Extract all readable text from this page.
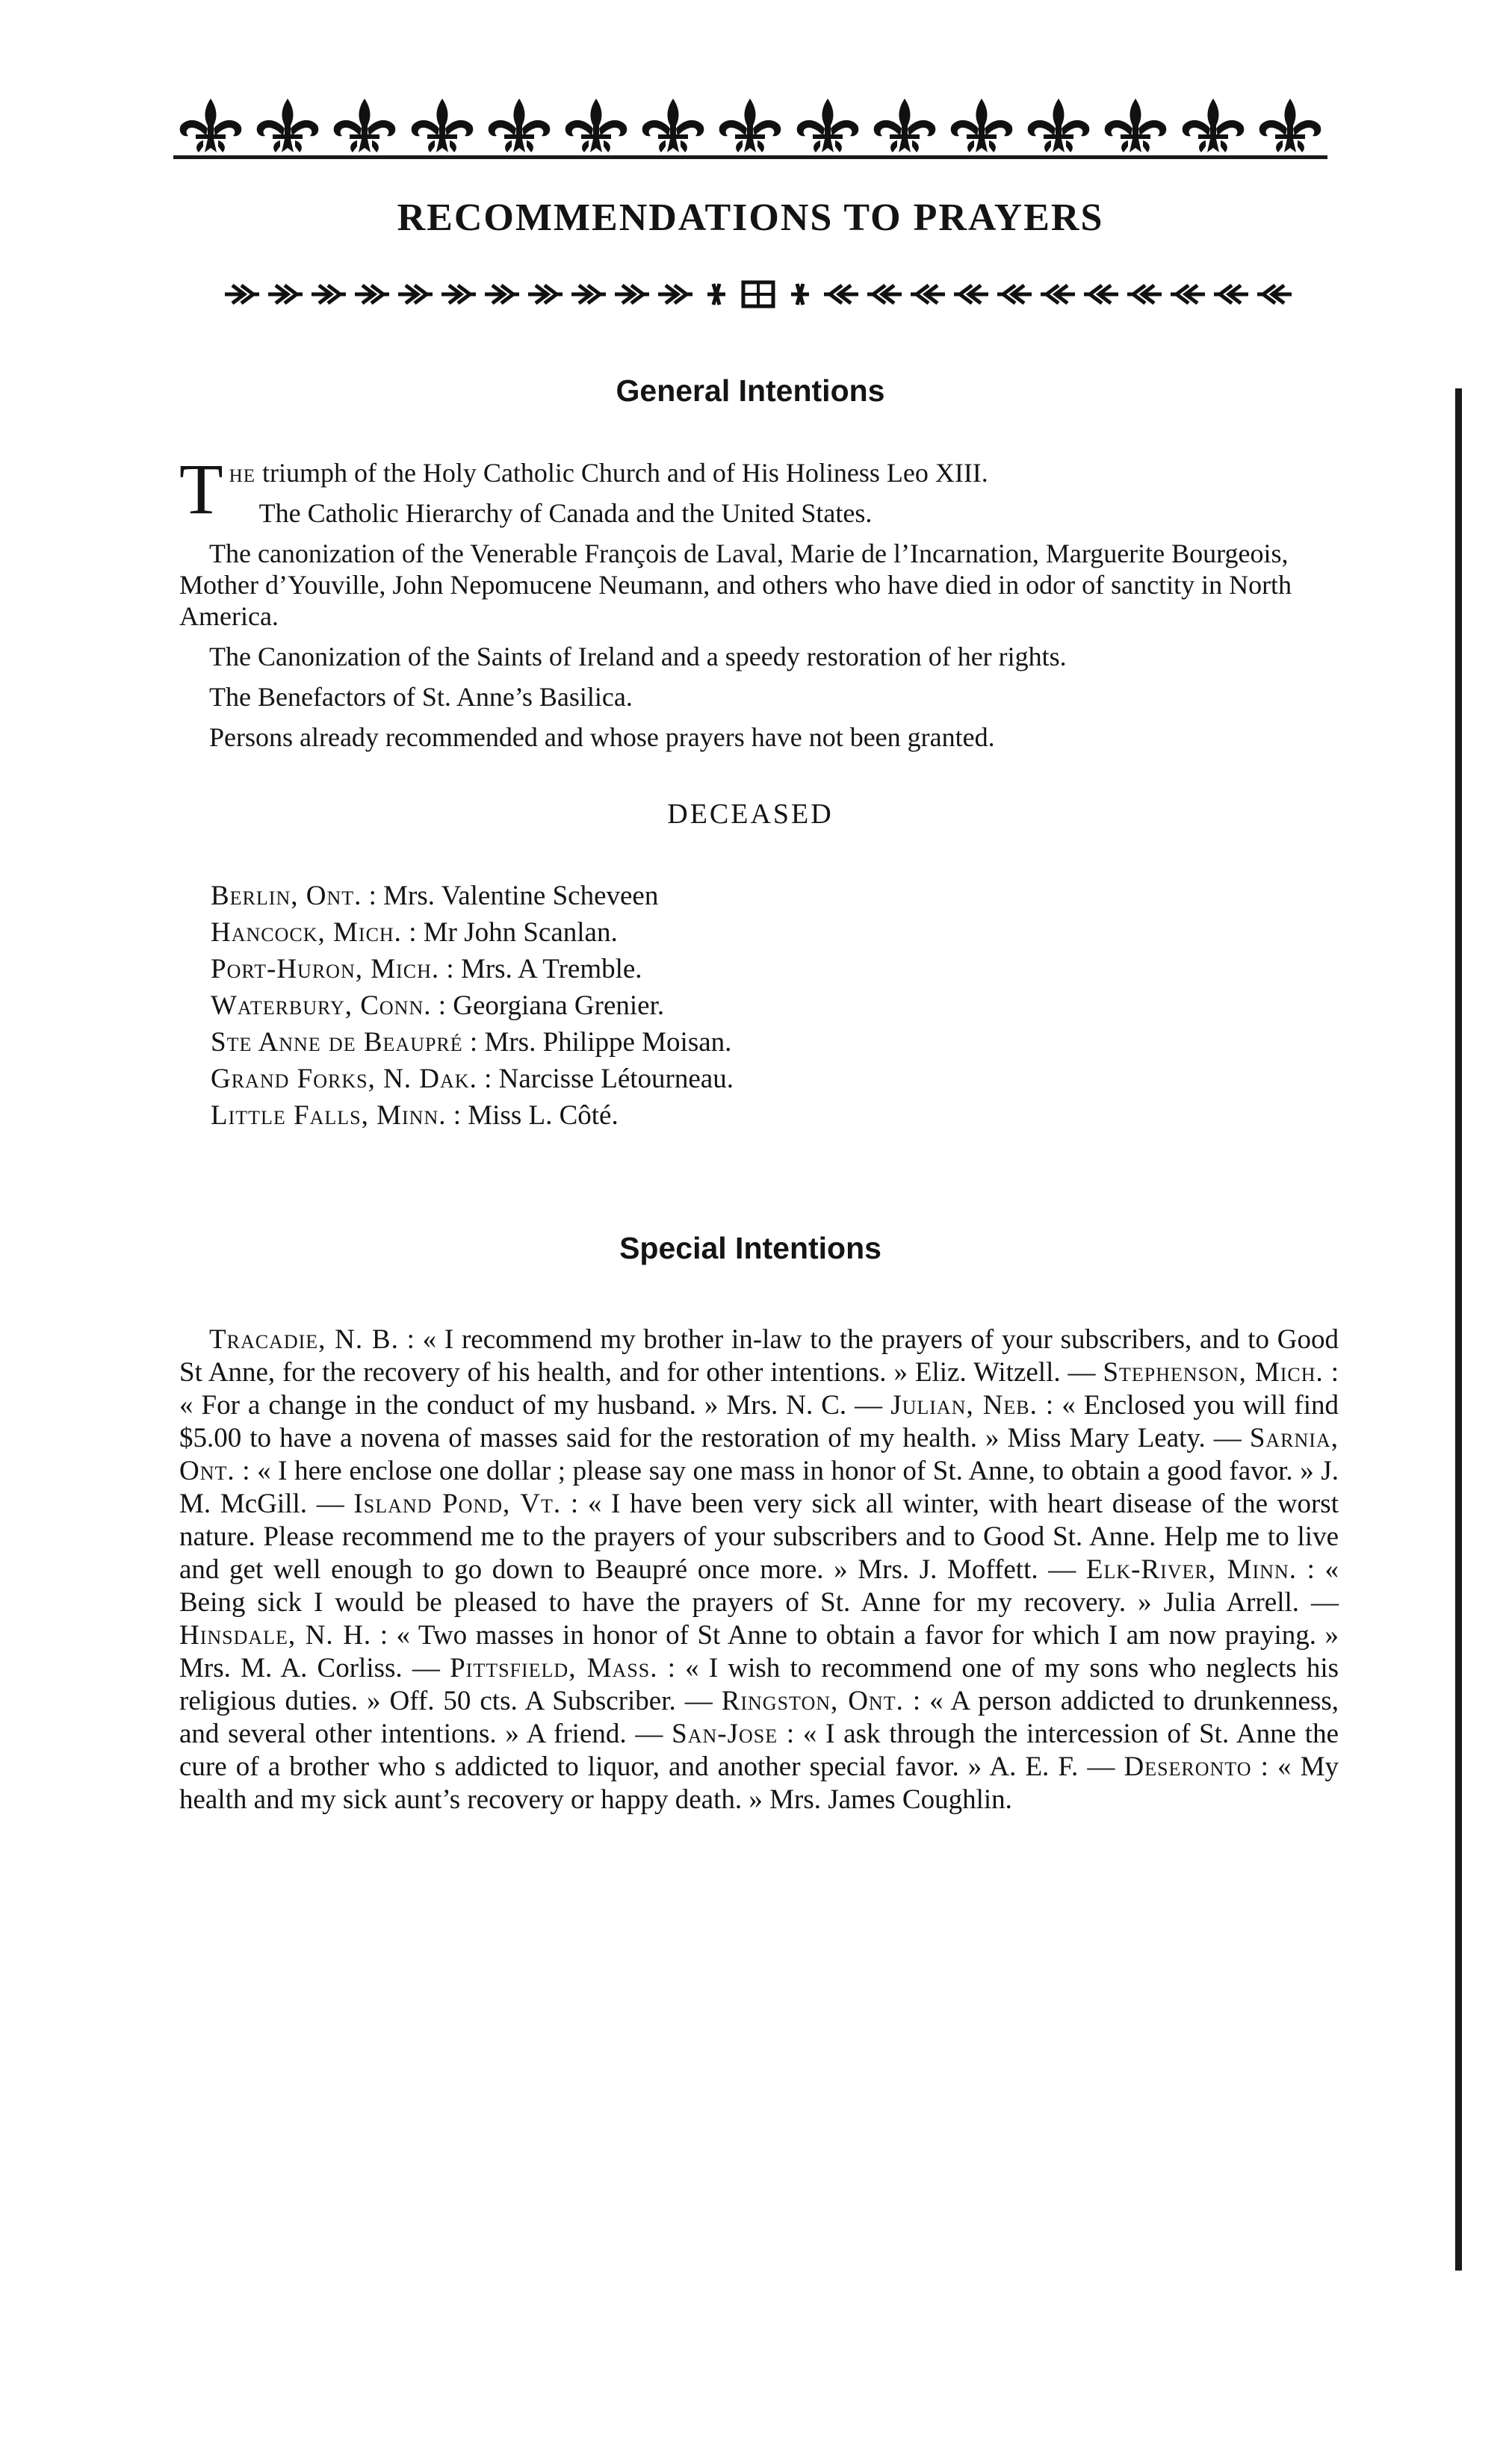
RECOMMENDATIONS TO PRAYERS
General Intentions

The triumph of the Holy Catholic Church and of His Holiness Leo XIII.

The Catholic Hierarchy of Canada and the United States.

The canonization of the Venerable François de Laval, Marie de l’Incarnation, Marguerite Bourgeois, Mother d’Youville, John Nepomucene Neumann, and others who have died in odor of sanctity in North America.

The Canonization of the Saints of Ireland and a speedy restoration of her rights.

The Benefactors of St. Anne’s Basilica.

Persons already recommended and whose prayers have not been granted.

DECEASED
Berlin, Ont. : Mrs. Valentine Scheveen
Hancock, Mich. : Mr John Scanlan.
Port-Huron, Mich. : Mrs. A Tremble.
Waterbury, Conn. : Georgiana Grenier.
Ste Anne de Beaupré : Mrs. Philippe Moisan.
Grand Forks, N. Dak. : Narcisse Létourneau.
Little Falls, Minn. : Miss L. Côté.
Special Intentions

Tracadie, N. B. : « I recommend my brother in-law to the prayers of your subscribers, and to Good St Anne, for the recovery of his health, and for other intentions. » Eliz. Witzell. — Stephenson, Mich. : « For a change in the conduct of my husband. » Mrs. N. C. — Julian, Neb. : « Enclosed you will find $5.00 to have a novena of masses said for the restoration of my health. » Miss Mary Leaty. — Sarnia, Ont. : « I here enclose one dollar ; please say one mass in honor of St. Anne, to obtain a good favor. » J. M. McGill. — Island Pond, Vt. : « I have been very sick all winter, with heart disease of the worst nature. Please recommend me to the prayers of your subscribers and to Good St. Anne. Help me to live and get well enough to go down to Beaupré once more. » Mrs. J. Moffett. — Elk-River, Minn. : « Being sick I would be pleased to have the prayers of St. Anne for my recovery. » Julia Arrell. — Hinsdale, N. H. : « Two masses in honor of St Anne to obtain a favor for which I am now praying. » Mrs. M. A. Corliss. — Pittsfield, Mass. : « I wish to recommend one of my sons who neglects his religious duties. » Off. 50 cts. A Subscriber. — Ringston, Ont. : « A person addicted to drunkenness, and several other intentions. » A friend. — San-Jose : « I ask through the intercession of St. Anne the cure of a brother who s addicted to liquor, and another special favor. » A. E. F. — Deseronto : « My health and my sick aunt’s recovery or happy death. » Mrs. James Coughlin.
